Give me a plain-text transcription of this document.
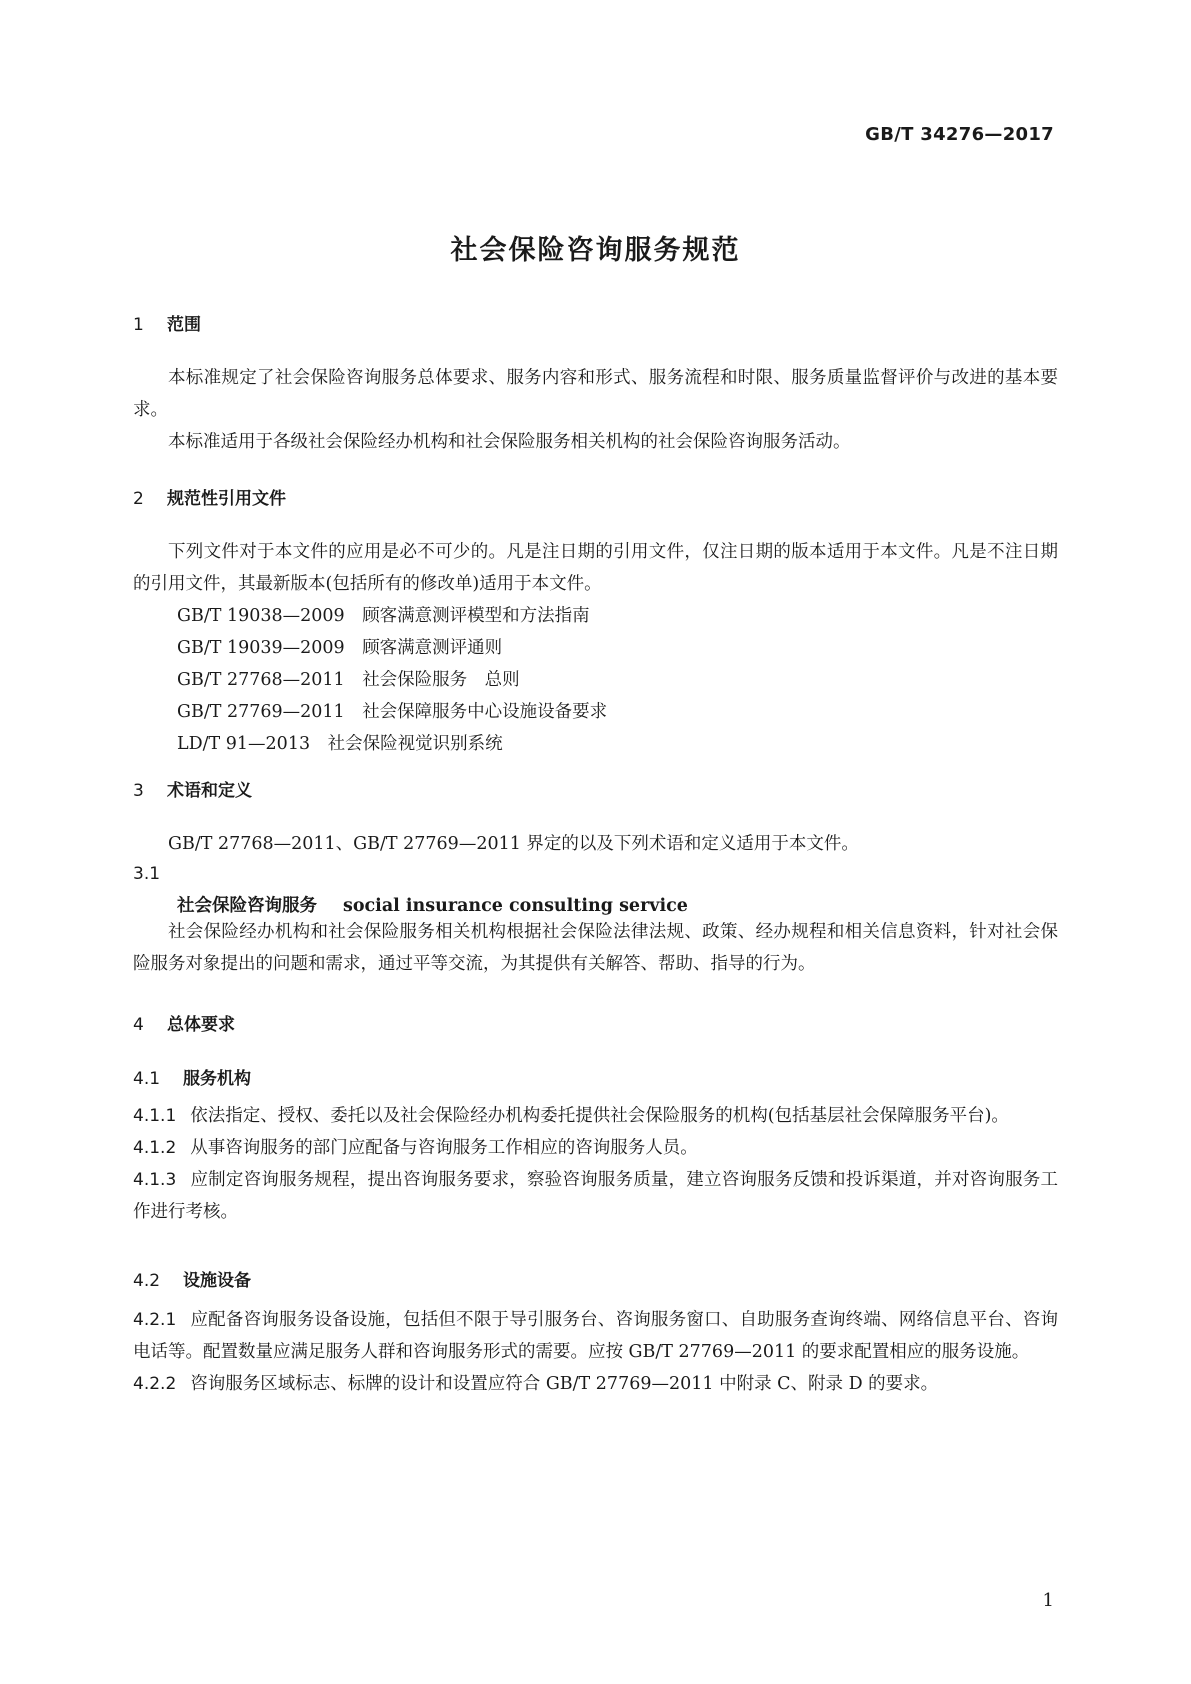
GB/T 34276—2017
社会保险咨询服务规范
1 范围

本标准规定了社会保险咨询服务总体要求、服务内容和形式、服务流程和时限、服务质量监督评价与改进的基本要求。

本标准适用于各级社会保险经办机构和社会保险服务相关机构的社会保险咨询服务活动。

2 规范性引用文件

下列文件对于本文件的应用是必不可少的。凡是注日期的引用文件，仅注日期的版本适用于本文件。凡是不注日期的引用文件，其最新版本(包括所有的修改单)适用于本文件。

GB/T 19038—2009　 顾客满意测评模型和方法指南
GB/T 19039—2009　 顾客满意测评通则
GB/T 27768—2011　 社会保险服务　总则
GB/T 27769—2011　 社会保障服务中心设施设备要求
LD/T 91—2013　 社会保险视觉识别系统
3 术语和定义

GB/T 27768—2011、GB/T 27769—2011 界定的以及下列术语和定义适用于本文件。

3.1
社会保险咨询服务 social insurance consulting service

社会保险经办机构和社会保险服务相关机构根据社会保险法律法规、政策、经办规程和相关信息资料，针对社会保险服务对象提出的问题和需求，通过平等交流，为其提供有关解答、帮助、指导的行为。

4 总体要求
4.1 服务机构

4.1.1 依法指定、授权、委托以及社会保险经办机构委托提供社会保险服务的机构(包括基层社会保障服务平台)。

4.1.2 从事咨询服务的部门应配备与咨询服务工作相应的咨询服务人员。

4.1.3 应制定咨询服务规程，提出咨询服务要求，察验咨询服务质量，建立咨询服务反馈和投诉渠道，并对咨询服务工作进行考核。

4.2 设施设备

4.2.1 应配备咨询服务设备设施，包括但不限于导引服务台、咨询服务窗口、自助服务查询终端、网络信息平台、咨询电话等。配置数量应满足服务人群和咨询服务形式的需要。应按 GB/T 27769—2011 的要求配置相应的服务设施。

4.2.2 咨询服务区域标志、标牌的设计和设置应符合 GB/T 27769—2011 中附录 C、附录 D 的要求。

1
